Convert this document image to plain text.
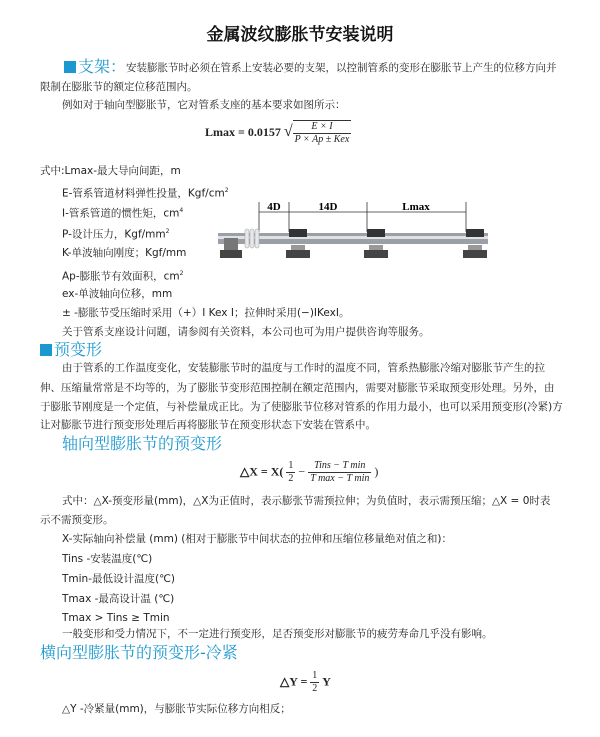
金属波纹膨胀节安装说明
支架：安装膨胀节时必须在管系上安装必要的支架，以控制管系的变形在膨胀节上产生的位移方向并
限制在膨胀节的额定位移范围内。
例如对于轴向型膨胀节，它对管系支座的基本要求如图所示：
Lmax = 0.0157 √ $\frac{E \times I}{\text{P × Ap ± Kex}}$
式中:Lmax-最大导向间距，m
E-管系管道材料弹性投量，Kgf/$cm^2$
I-管系管道的惯性矩，$cm^4$
P-设计压力，Kgf/$mm^2$
K-单波轴向刚度；Kgf/mm
Ap-膨胀节有效面积，$cm^2$
ex-单波轴向位移，mm
± -膨胀节受压缩时采用（+）I Kex I；拉伸时采用(−)IKexI。
关于管系支座设计问题，请参阅有关资料，本公司也可为用户提供咨询等服务。
4D	14D	Lmax
预变形
由于管系的工作温度变化，安装膨胀节时的温度与工作时的温度不同，管系热膨胀冷缩对膨胀节产生的拉
伸、压缩量常常是不均等的，为了膨胀节变形范围控制在额定范围内，需要对膨胀节采取预变形处理。另外，由
于膨胀节刚度是一个定值，与补偿量成正比。为了使膨胀节位移对管系的作用力最小，也可以采用预变形(冷紧)方
让对膨胀节进行预变形处理后再将膨胀节在预变形状态下安装在管系中。
轴向型膨胀节的预变形
△X = $X( \frac{1}{2} - \frac{\text{Tins − T min}}{\text{T max − T min}}$ )
式中：△X-预变形量(mm)，△X为正值时，表示膨张节需预拉伸；为负值时，表示需预压缩；△X = 0时表
示不需预变形。
X-实际轴向补偿量 (mm) (相对于膨胀节中间状态的拉伸和压缩位移量绝对值之和)：
Tins -安装温度(℃)
Tmin-最低设计温度(℃)
Tmax -最高设计温 (℃)
Tmax > Tins ≥ Tmin
一般变形和受力情况下，不一定进行预变形，足否预变形对膨胀节的疲劳寿命几乎没有影响。
横向型膨胀节的预变形-冷紧
△Y = $\frac{1}{2}$ Y
△Y -冷紧量(mm)，与膨胀节实际位移方向相反；
